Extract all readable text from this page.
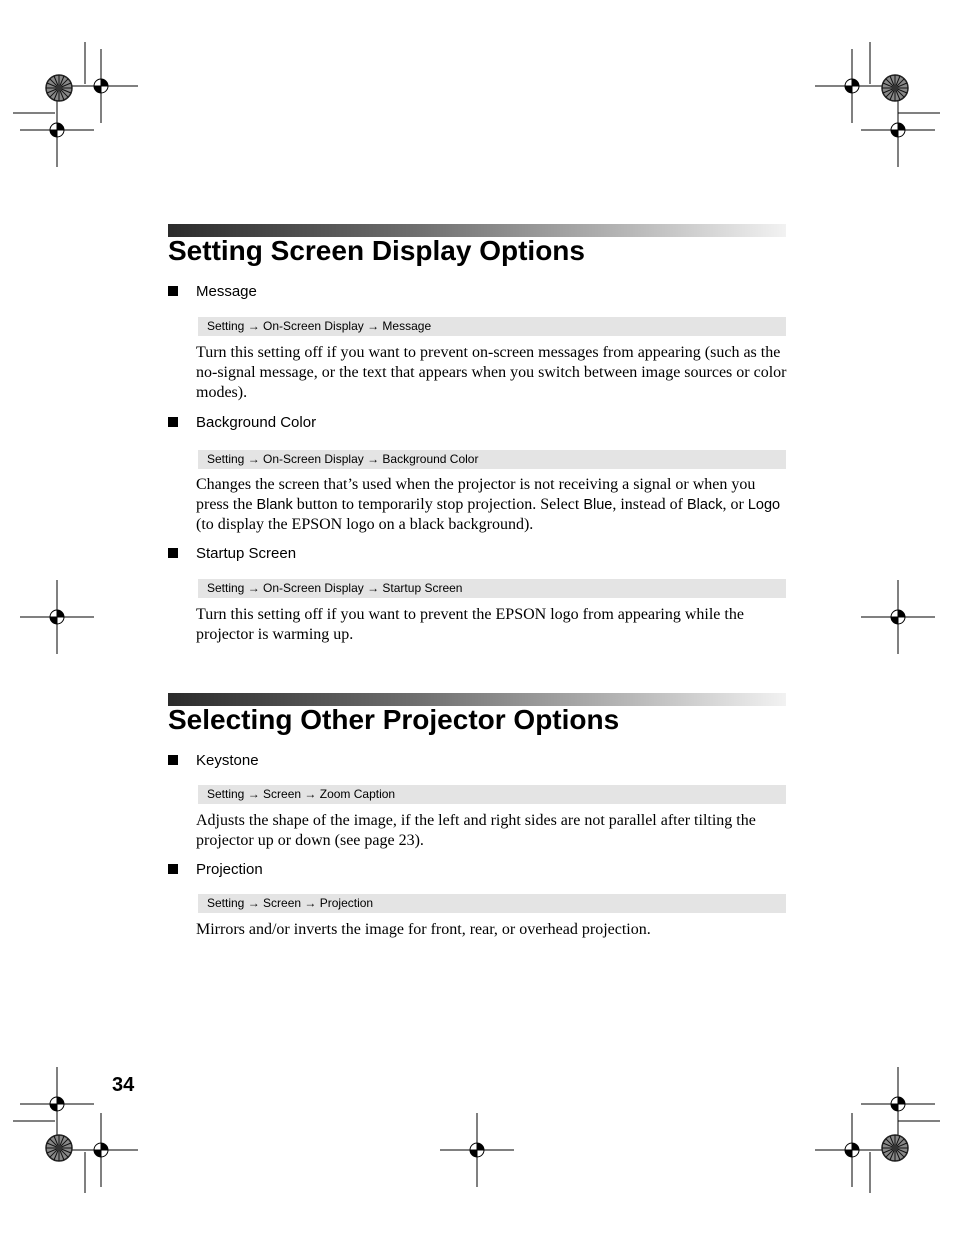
Setting Screen Display Options
Message
Setting → On-Screen Display → Message

Turn this setting off if you want to prevent on-screen messages from appearing (such as the no-signal message, or the text that appears when you switch between image sources or color modes).

Background Color
Setting → On-Screen Display → Background Color

Changes the screen that’s used when the projector is not receiving a signal or when you press the Blank button to temporarily stop projection. Select Blue, instead of Black, or Logo (to display the EPSON logo on a black background).

Startup Screen
Setting → On-Screen Display → Startup Screen

Turn this setting off if you want to prevent the EPSON logo from appearing while the projector is warming up.

Selecting Other Projector Options
Keystone
Setting → Screen → Zoom Caption

Adjusts the shape of the image, if the left and right sides are not parallel after tilting the projector up or down (see page 23).

Projection
Setting → Screen → Projection

Mirrors and/or inverts the image for front, rear, or overhead projection.

34
